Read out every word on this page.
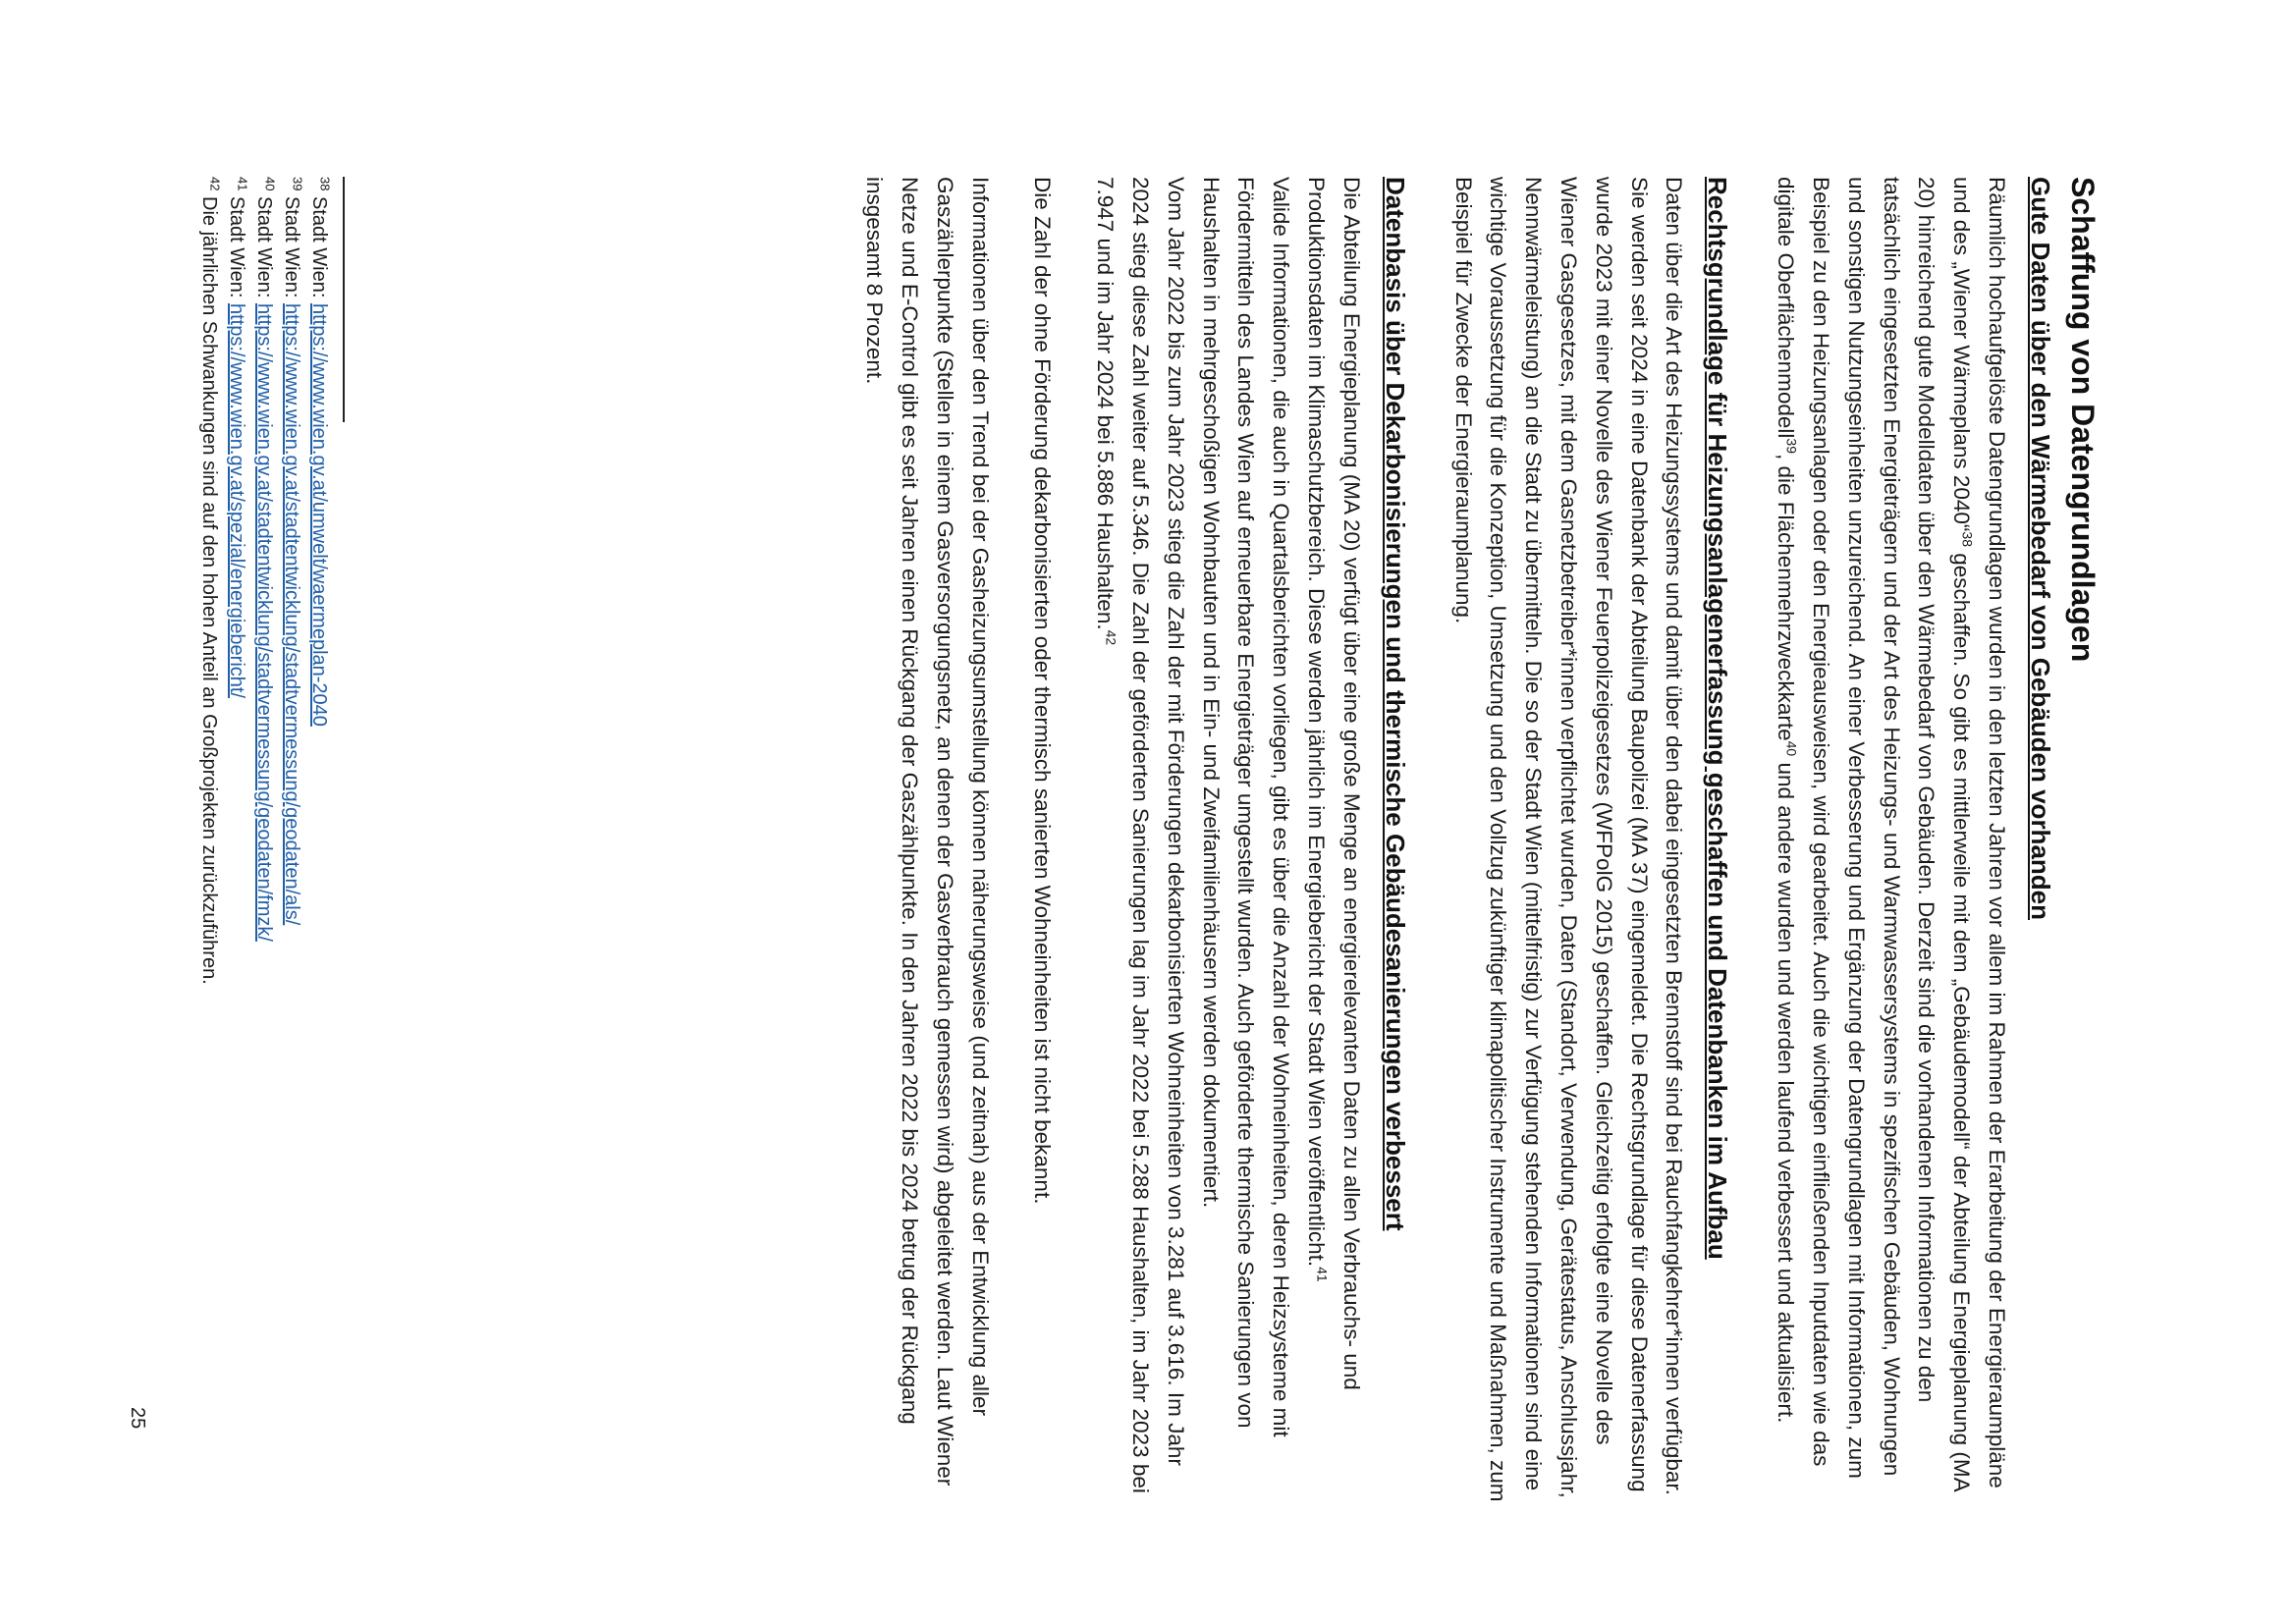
Schaffung von Datengrundlagen
Gute Daten über den Wärmebedarf von Gebäuden vorhanden

Räumlich hochaufgelöste Datengrundlagen wurden in den letzten Jahren vor allem im Rahmen der Erarbeitung der Energieraumpläne und des „Wiener Wärmeplans 2040“$^{38}$ geschaffen. So gibt es mittlerweile mit dem „Gebäudemodell“ der Abteilung Energieplanung (MA 20) hinreichend gute Modelldaten über den Wärmebedarf von Gebäuden. Derzeit sind die vorhandenen Informationen zu den tatsächlich eingesetzten Energieträgern und der Art des Heizungs- und Warmwassersystems in spezifischen Gebäuden, Wohnungen und sonstigen Nutzungseinheiten unzureichend. An einer Verbesserung und Ergänzung der Datengrundlagen mit Informationen, zum Beispiel zu den Heizungsanlagen oder den Energieausweisen, wird gearbeitet. Auch die wichtigen einfließenden Inputdaten wie das digitale Oberflächenmodell$^{39}$, die Flächenmehrzweckkarte$^{40}$ und andere wurden und werden laufend verbessert und aktualisiert.

Rechtsgrundlage für Heizungsanlagenerfassung geschaffen und Datenbanken im Aufbau

Daten über die Art des Heizungssystems und damit über den dabei eingesetzten Brennstoff sind bei Rauchfangkehrer*innen verfügbar. Sie werden seit 2024 in eine Datenbank der Abteilung Baupolizei (MA 37) eingemeldet. Die Rechtsgrundlage für diese Datenerfassung wurde 2023 mit einer Novelle des Wiener Feuerpolizeigesetzes (WFPolG 2015) geschaffen. Gleichzeitig erfolgte eine Novelle des Wiener Gasgesetzes, mit dem Gasnetzbetreiber*innen verpflichtet wurden, Daten (Standort, Verwendung, Gerätestatus, Anschlussjahr, Nennwärmeleistung) an die Stadt zu übermitteln. Die so der Stadt Wien (mittelfristig) zur Verfügung stehenden Informationen sind eine wichtige Voraussetzung für die Konzeption, Umsetzung und den Vollzug zukünftiger klimapolitischer Instrumente und Maßnahmen, zum Beispiel für Zwecke der Energieraumplanung.

Datenbasis über Dekarbonisierungen und thermische Gebäudesanierungen verbessert

Die Abteilung Energieplanung (MA 20) verfügt über eine große Menge an energierelevanten Daten zu allen Verbrauchs- und Produktionsdaten im Klimaschutzbereich. Diese werden jährlich im Energiebericht der Stadt Wien veröffentlicht.$^{41}$

Valide Informationen, die auch in Quartalsberichten vorliegen, gibt es über die Anzahl der Wohneinheiten, deren Heizsysteme mit Fördermitteln des Landes Wien auf erneuerbare Energieträger umgestellt wurden. Auch geförderte thermische Sanierungen von Haushalten in mehrgeschoßigen Wohnbauten und in Ein- und Zweifamilienhäusern werden dokumentiert.

Vom Jahr 2022 bis zum Jahr 2023 stieg die Zahl der mit Förderungen dekarbonisierten Wohneinheiten von 3.281 auf 3.616. Im Jahr 2024 stieg diese Zahl weiter auf 5.346. Die Zahl der geförderten Sanierungen lag im Jahr 2022 bei 5.288 Haushalten, im Jahr 2023 bei 7.947 und im Jahr 2024 bei 5.886 Haushalten.$^{42}$

Die Zahl der ohne Förderung dekarbonisierten oder thermisch sanierten Wohneinheiten ist nicht bekannt.

Informationen über den Trend bei der Gasheizungsumstellung können näherungsweise (und zeitnah) aus der Entwicklung aller Gaszählerpunkte (Stellen in einem Gasversorgungsnetz, an denen der Gasverbrauch gemessen wird) abgeleitet werden. Laut Wiener Netze und E-Control gibt es seit Jahren einen Rückgang der Gaszählpunkte. In den Jahren 2022 bis 2024 betrug der Rückgang insgesamt 8 Prozent.

$^{38}$ Stadt Wien: https://www.wien.gv.at/umwelt/waermeplan-2040

$^{39}$ Stadt Wien: https://www.wien.gv.at/stadtentwicklung/stadtvermessung/geodaten/als/

$^{40}$ Stadt Wien: https://www.wien.gv.at/stadtentwicklung/stadtvermessung/geodaten/fmzk/

$^{41}$ Stadt Wien: https://www.wien.gv.at/spezial/energiebericht/

$^{42}$ Die jährlichen Schwankungen sind auf den hohen Anteil an Großprojekten zurückzuführen.

25
